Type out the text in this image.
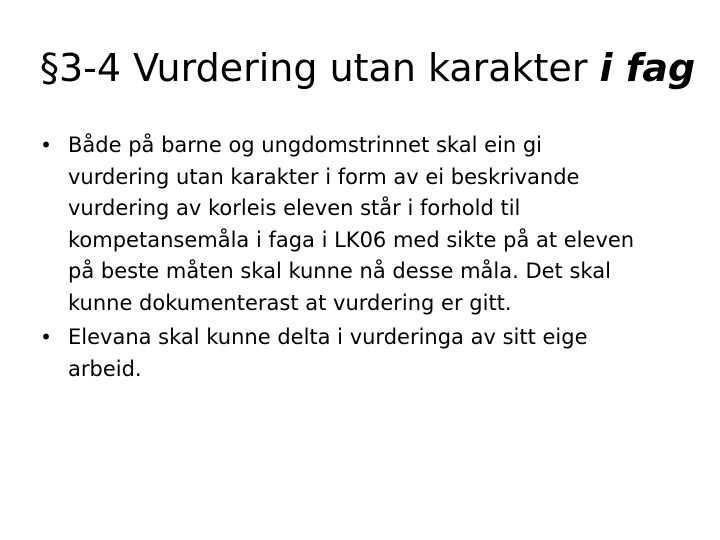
§3-4 Vurdering utan karakter i fag
• Både på barne og ungdomstrinnet skal ein gi
vurdering utan karakter i form av ei beskrivande
vurdering av korleis eleven står i forhold til
kompetansemåla i faga i LK06 med sikte på at eleven
på beste måten skal kunne nå desse måla. Det skal
kunne dokumenterast at vurdering er gitt.
• Elevana skal kunne delta i vurderinga av sitt eige
arbeid.
